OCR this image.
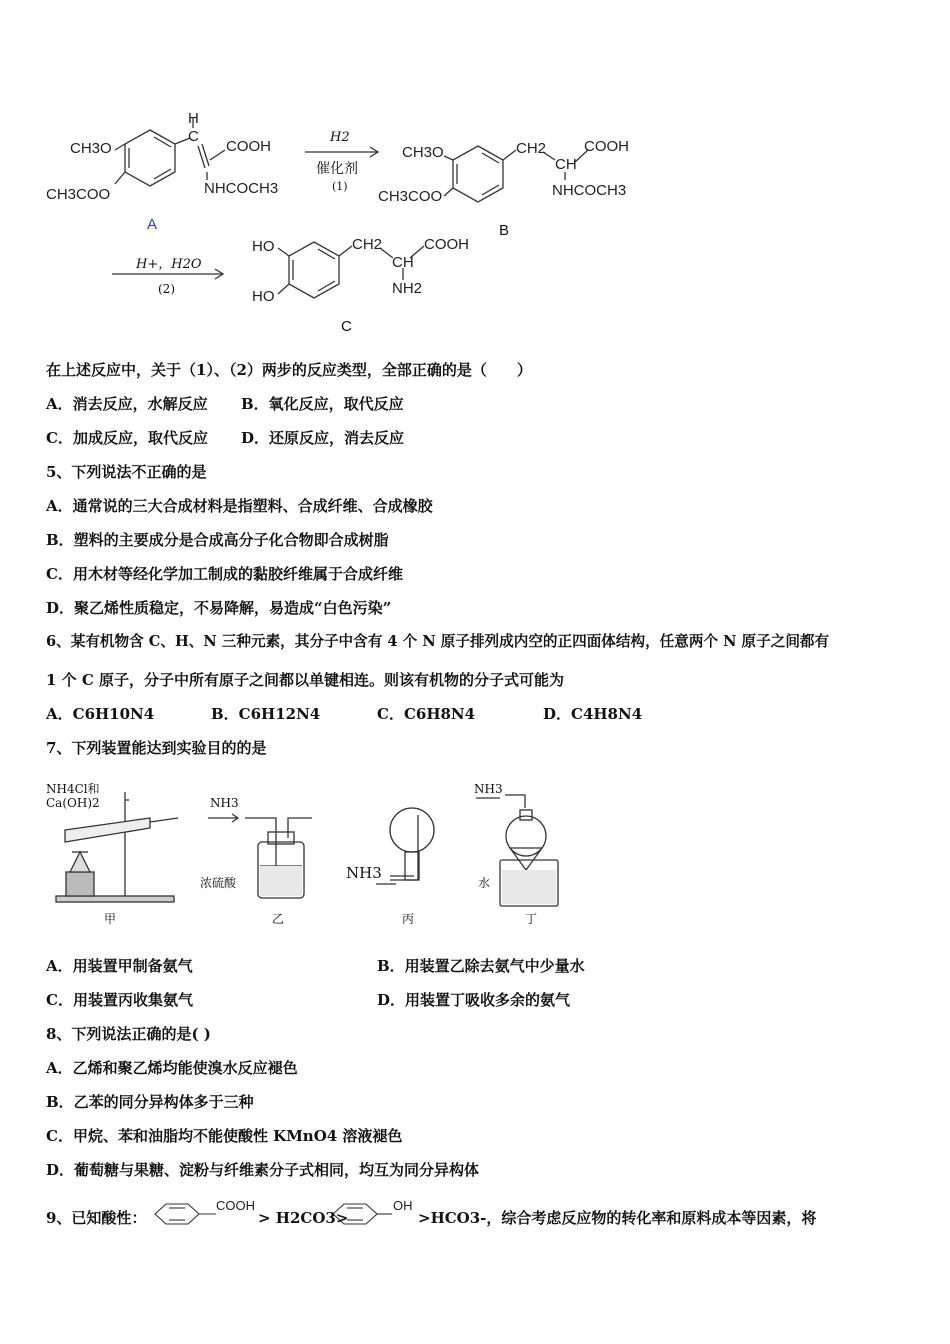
CH3O
CH3COO
H
C
COOH
NHCOCH3
A
H2
催化剂
(1)
CH3O
CH3COO
CH2
CH
COOH
NHCOCH3
B
H+，H2O
(2)
HO
HO
CH2
CH
COOH
NH2
C
在上述反应中，关于（1）、（2）两步的反应类型，全部正确的是（　　）
A．消去反应，水解反应 B．氧化反应，取代反应
C．加成反应，取代反应 D．还原反应，消去反应
5、下列说法不正确的是
A．通常说的三大合成材料是指塑料、合成纤维、合成橡胶
B．塑料的主要成分是合成高分子化合物即合成树脂
C．用木材等经化学加工制成的黏胶纤维属于合成纤维
D．聚乙烯性质稳定，不易降解，易造成“白色污染”
6、某有机物含 C、H、N 三种元素，其分子中含有 4 个 N 原子排列成内空的正四面体结构，任意两个 N 原子之间都有
1 个 C 原子，分子中所有原子之间都以单键相连。则该有机物的分子式可能为
A．C6H10N4	B．C6H12N4	C．C6H8N4	D．C4H8N4
7、下列装置能达到实验目的的是
NH4Cl和
Ca(OH)2	NH3
浓硫酸
NH3
NH3
水
甲	乙	丙	丁
A．用装置甲制备氨气	B．用装置乙除去氨气中少量水
C．用装置丙收集氨气	D．用装置丁吸收多余的氨气
8、下列说法正确的是( )
A．乙烯和聚乙烯均能使溴水反应褪色
B．乙苯的同分异构体多于三种
C．甲烷、苯和油脂均不能使酸性 KMnO4 溶液褪色
D．葡萄糖与果糖、淀粉与纤维素分子式相同，均互为同分异构体
9、已知酸性：
COOH
> H2CO3>
OH
>HCO3-，综合考虑反应物的转化率和原料成本等因素，将
